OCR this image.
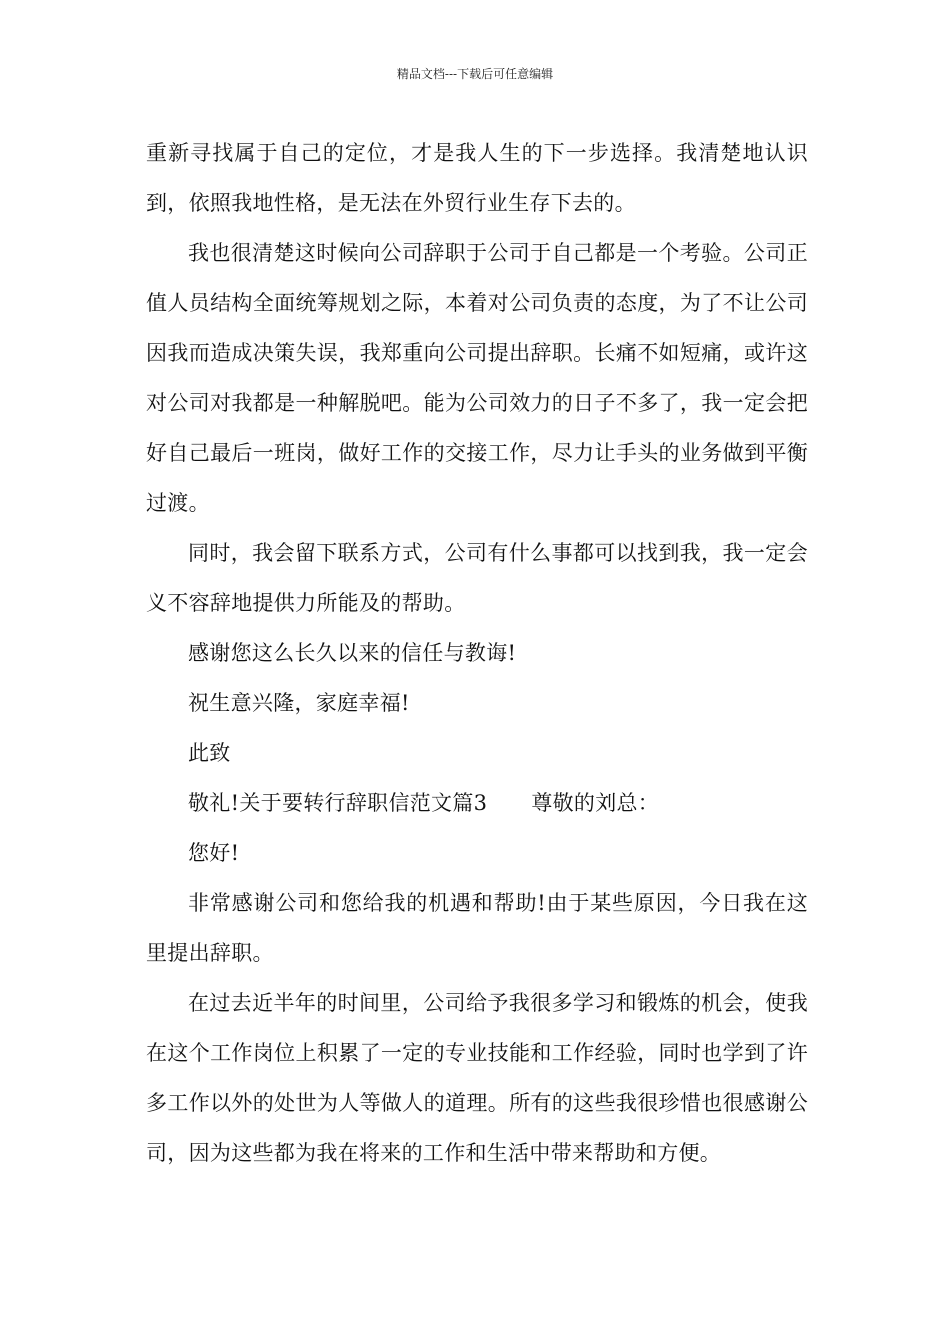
精品文档---下载后可任意编辑

重新寻找属于自己的定位，才是我人生的下一步选择。我清楚地认识到，依照我地性格，是无法在外贸行业生存下去的。

我也很清楚这时候向公司辞职于公司于自己都是一个考验。公司正值人员结构全面统筹规划之际，本着对公司负责的态度，为了不让公司因我而造成决策失误，我郑重向公司提出辞职。长痛不如短痛，或许这对公司对我都是一种解脱吧。能为公司效力的日子不多了，我一定会把好自己最后一班岗，做好工作的交接工作，尽力让手头的业务做到平衡过渡。

同时，我会留下联系方式，公司有什么事都可以找到我，我一定会义不容辞地提供力所能及的帮助。

感谢您这么长久以来的信任与教诲!

祝生意兴隆，家庭幸福!

此致

敬礼!关于要转行辞职信范文篇3 尊敬的刘总：

您好!

非常感谢公司和您给我的机遇和帮助!由于某些原因，今日我在这里提出辞职。

在过去近半年的时间里，公司给予我很多学习和锻炼的机会，使我在这个工作岗位上积累了一定的专业技能和工作经验，同时也学到了许多工作以外的处世为人等做人的道理。所有的这些我很珍惜也很感谢公司，因为这些都为我在将来的工作和生活中带来帮助和方便。
